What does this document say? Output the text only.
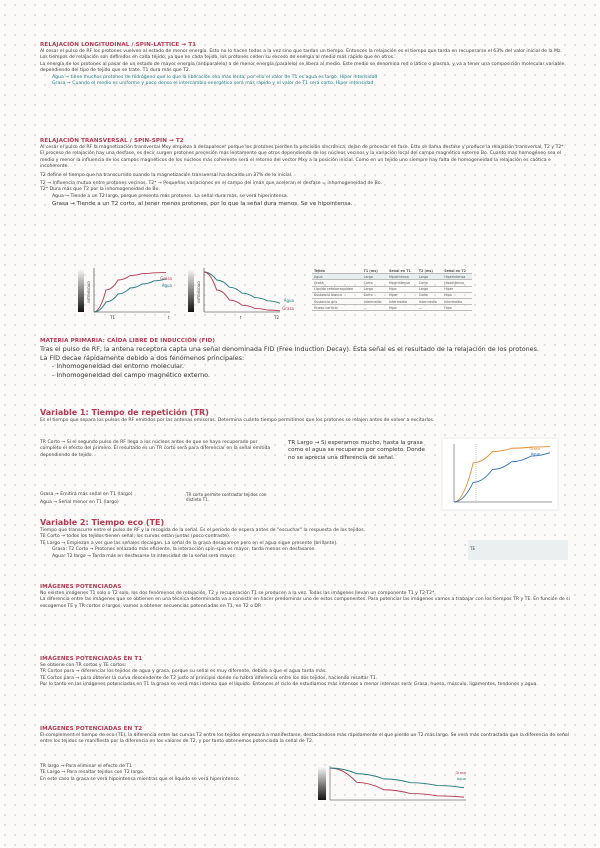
RELAJACIÓN LONGITUDINAL / SPIN-LATTICE → T1
Al cesar el pulso de RF los protones vuelven al estado de menor energía. Esto no lo hacen todos a la vez sino que tardan un tiempo. Entonces la relajación es el tiempo que tarda en recuperarse el 63% del valor inicial de la Mz. Los tiempos de relajación son definidos en cada tejido, ya que en cada tejido, los protones ceden su exceso de energía al medio más rápido que en otros.
La energía de los protones al pasar de un estado de mayor energía (antiparalelo) a de menor energía (paralelo) se libera al medio. Este medio se denomina red o látice o plasma, y va a tener una composición molecular variable dependiendo del tipo de tejido que se trate. T1 dura más que T2.
Agua → tiene muchos protones de hidrógeno que lo que la liberación sea más lenta, por ello el valor de T1 es agua es largo. Hiper intensidad
Grasa → Cuando el medio es uniforme y poco denso el intercambio energético será más rápido y el valor de T1 será corto. Hiper intensidad
RELAJACIÓN TRANSVERSAL / SPIN-SPIN → T2
Al cesar el pulso de RF la magnetización transversal Mxy empieza a desaparecer porque los protones pierden la precisión sincrónica, dejan de precesar en fase. Esto se llama desfase y produce la relajación transversal, T2 y T2*. El proceso de relajación hay una desfase, es decir surgen protones precesión más lentamente que otros dependiendo de los núcleos vecinos y la variación local del campo magnético externo Bo. Cuanto más homogéneo sea el medio y menor la influencia de los campos magnéticos de los núcleos más coherente será el retorno del vector Mxy a la posición inicial. Como en un tejido uno siempre hay falta de homogeneidad la relajación es caótica e incoherente.
T2 define el tiempo que ha transcurrido cuando la magnetización transversal ha decaído un 37% de lo inicial.
T2 → Influencia mutua entre protones vecinos. T2* → Pequeñas variaciones en el campo del imán que aceleran el desfase = inhomogeneidad de Bo.
T2* Dura más que T2 por la inhomogeneidad de Bo.
Agua → Tiende a un T2 largo, porque presenta más protones. La señal dura más, se verá hiperintensa.
Grasa → Tiende a un T2 corto, al tener menos protones, por lo que la señal dura menos. Se ve hipointensa.
INTENSIDAD
Grasa
Agua
T1	t
INTENSIDAD	Agua
Grasa
t	T2
Tejido	T1 (ms)	Señal en T1	T2 (ms)	Señal en T2
Agua	Largo	Hipointensa	Largo	Hiperintensa
Grasa	Corto	Hiperintensa	Corto	Hipointensa
Líquido cefalorraquídeo	Largo	Hipo	Largo	Hiper
Sustancia blanca	Corto	Hiper	Corto	Hipo
Sustancia gris	Intermedio	Intermedio	Intermedio	Intermedio
Hueso cortical	—	Hipo	—	Hipo
MATERIA PRIMARIA: CAÍDA LIBRE DE INDUCCIÓN (FID)
Tras el pulso de RF, la antena receptora capta una señal denominada FID (Free Induction Decay). Esta señal es el resultado de la relajación de los protones.
La FID decae rápidamente debido a dos fenómenos principales:
- Inhomogeneidad del entorno molecular.
- Inhomogeneidad del campo magnético externo.
Variable 1: Tiempo de repetición (TR)
Es el tiempo que separa los pulsos de RF emitidos por las antenas emisoras. Determina cuánto tiempo permitimos que los protones se relajen antes de volver a excitarlos.
TR Corto → Si el segundo pulso de RF llega a los núcleos antes de que se haya recuperado por completo el efecto del primero. El resultado es un TR corto será para diferenciar en la señal emitida dependiendo de tejido.
TR Largo → Si esperamos mucho, hasta la grasa como el agua se recuperan por completo. Donde no se aprecia una diferencia de señal.
Grasa → Emitirá más señal en T1 (largo)
Agua → Señal menor en T1 (largo)
TR corto permite contrastar tejidos con distinto T1.
Grasa
Agua
Variable 2: Tiempo eco (TE)
Tiempo que transcurre entre el pulso de RF y la recogida de la señal. Es el período de espera antes de "escuchar" la respuesta de los tejidos.
TE Corto → todos los tejidos tienen señal, los curvas están juntas (poco contraste).
TE Largo → Empiezan a ver que las señales decaigan. La señal de la grasa desaparece pero en el agua sigue presente (brillante).
Grasa: T2 Corto → Protones enlazado más eficiente, la interacción spin-spin es mayor, tarda menos en desfasarse.
Agua: T2 largo → Tarda más en desfasarse la intensidad de la señal será mayor.
TE
IMÁGENES POTENCIADAS
No existen imágenes T1 solo o T2 solo, los dos fenómenos de relajación, T2 y recuperación T1 se producen a la vez. Todas las imágenes llevan un componente T1 y T2-T2*.
La diferencia entre las imágenes que se obtienen en una técnica determinada va a consistir en hacer predominar uno de estos componentes. Para potenciar las imágenes vamos a trabajar con los tiempos TR y TE. En función de si escogemos TE y TR cortos o largos, vamos a obtener secuencias potenciadas en T1, en T2 o DP.
IMÁGENES POTENCIADAS EN T1
Se obtiene con TR cortos y TE cortos:
TR Cortos para → diferenciar los tejidos de agua y grasa, porque su señal es muy diferente, debido a que el agua tarda más.
TE Cortos para → para obtener la curva descendente de T2 justo al principio donde no habrá diferencia entre los dos tejidos, haciendo resaltar T1.
Por lo tanto en las imágenes potenciadas en T1 la grasa se verá más intensa que el líquido. Entonces el ciclo de estudiamos más intensos a menor intensos será: Grasa, hueso, músculo, ligamentos, tendones y agua.
IMÁGENES POTENCIADAS EN T2
El complement el tiempo de eco (TE), la diferencia entre las curvas T2 entre los tejidos empezará a manifestarse, destacándose más rápidamente el que pierde un T2 más largo. Se verá más contrastada que la diferencia de señal entre los tejidos se manifiesta por la diferencia en los valores de T2, y por tanto obtenemos potenciada la señal de T2.
TR largo → Para eliminar el efecto de T1
TE Largo → Para resaltar tejidos con T2 largo.
En este caso la grasa se verá hipointensa mientras que el líquido se verá hiperintenso.
Grasa
Agua
